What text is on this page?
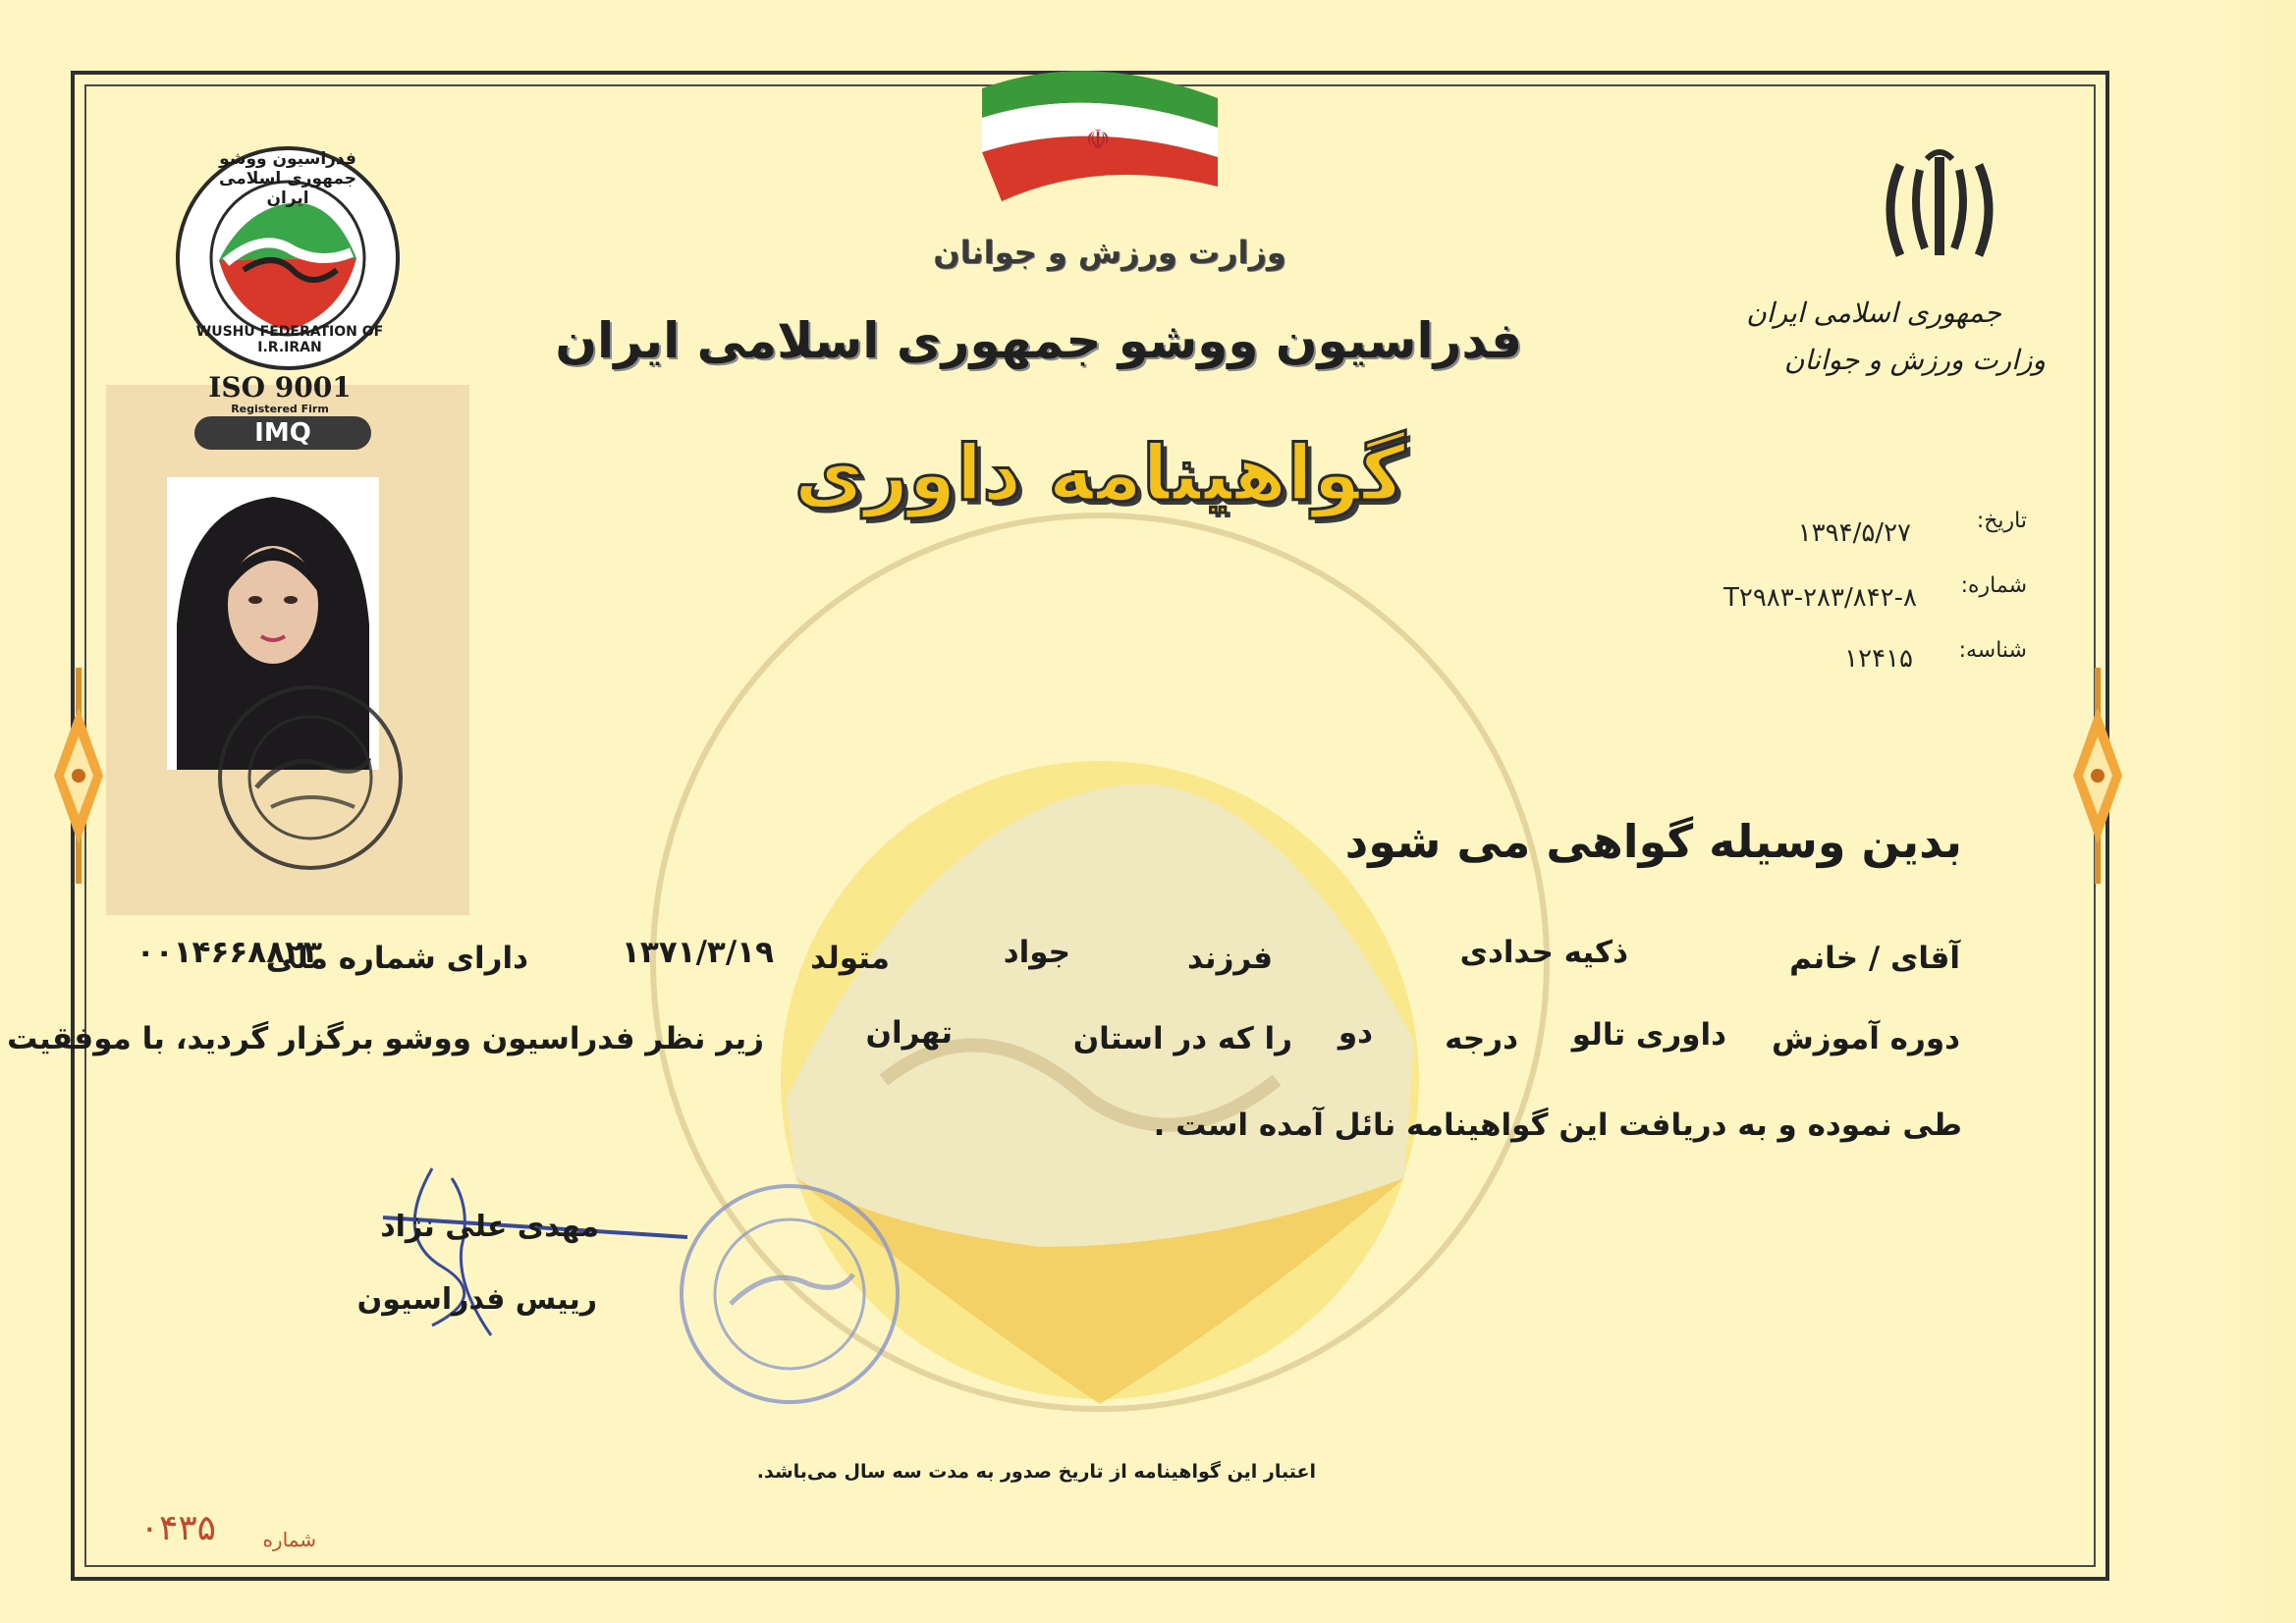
☫
فدراسیون ووشو جمهوری اسلامی ایران
WUSHU FEDERATION OF I.R.IRAN
ISO 9001
Registered Firm
IMQ
جمهوری اسلامی ایران
وزارت ورزش و جوانان
وزارت ورزش و جوانان
فدراسیون ووشو جمهوری اسلامی ایران
گواهینامه داوری
تاریخ:
۱۳۹۴/۵/۲۷
شماره:
T۲۹۸۳-۲۸۳/۸۴۲-۸
شناسه:
۱۲۴۱۵
بدین وسیله گواهی می شود
آقای / خانم
ذکیه حدادی
فرزند
جواد
متولد
۱۳۷۱/۳/۱۹
دارای شماره ملی
۰۰۱۴۶۶۸۸۲۳
دوره آموزش
داوری تالو
درجه
دو
را که در استان
تهران
زیر نظر فدراسیون ووشو برگزار گردید، با موفقیت
طی نموده و به دریافت این گواهینامه نائل آمده است .
مهدی علی نژاد
رییس فدراسیون
اعتبار این گواهینامه از تاریخ صدور به مدت سه سال می‌باشد.
شماره
۰۴۳۵
